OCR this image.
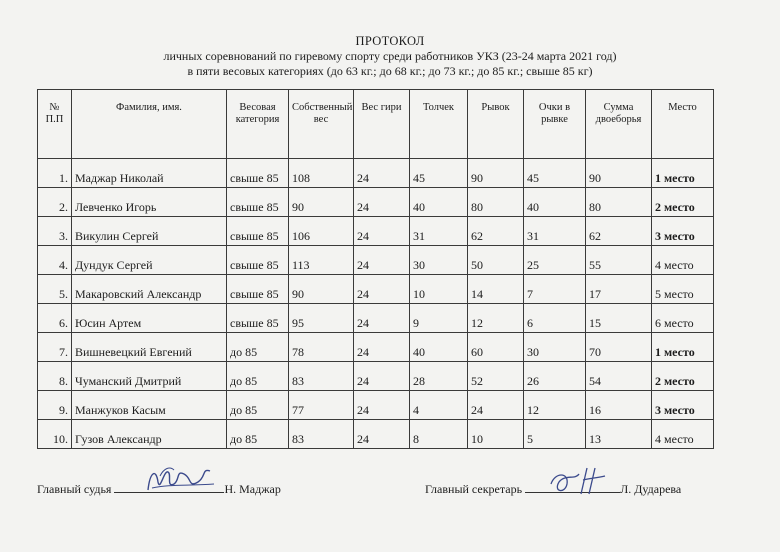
ПРОТОКОЛ
личных соревнований по гиревому спорту среди работников УКЗ (23-24 марта 2021 год)
в пяти весовых категориях (до 63 кг.; до 68 кг.; до 73 кг.; до 85 кг.; свыше 85 кг)
№ П.П	Фамилия, имя.	Весовая категория	Собственный вес	Вес гири	Толчек	Рывок	Очки в рывке	Сумма двоеборья	Место
1.	Маджар Николай	свыше 85	108	24	45	90	45	90	1 место
2.	Левченко Игорь	свыше 85	90	24	40	80	40	80	2 место
3.	Викулин Сергей	свыше 85	106	24	31	62	31	62	3 место
4.	Дундук Сергей	свыше 85	113	24	30	50	25	55	4 место
5.	Макаровский Александр	свыше 85	90	24	10	14	7	17	5 место
6.	Юсин Артем	свыше 85	95	24	9	12	6	15	6 место
7.	Вишневецкий Евгений	до 85	78	24	40	60	30	70	1 место
8.	Чуманский Дмитрий	до 85	83	24	28	52	26	54	2 место
9.	Манжуков Касым	до 85	77	24	4	24	12	16	3 место
10.	Гузов Александр	до 85	83	24	8	10	5	13	4 место
Главный судья	Н. Маджар	Главный секретарь	Л. Дударева
